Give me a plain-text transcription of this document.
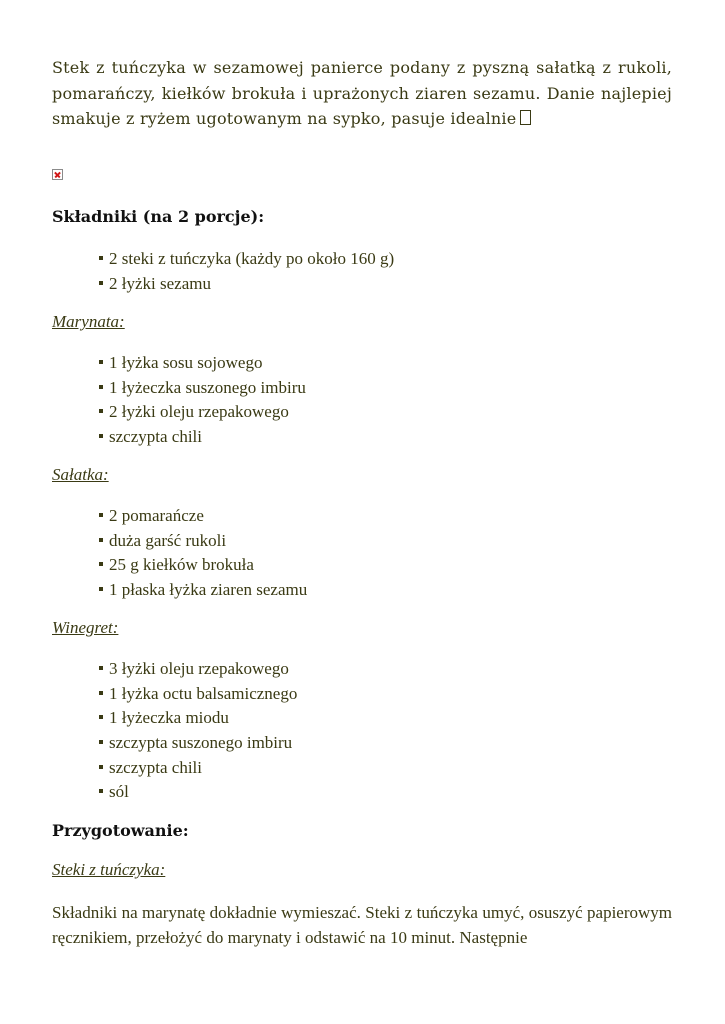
Stek z tuńczyka w sezamowej panierce podany z pyszną sałatką z rukoli, pomarańczy, kiełków brokuła i uprażonych ziaren sezamu. Danie najlepiej smakuje z ryżem ugotowanym na sypko, pasuje idealnie

Składniki (na 2 porcje):
2 steki z tuńczyka (każdy po około 160 g)
2 łyżki sezamu

Marynata:

1 łyżka sosu sojowego
1 łyżeczka suszonego imbiru
2 łyżki oleju rzepakowego
szczypta chili

Sałatka:

2 pomarańcze
duża garść rukoli
25 g kiełków brokuła
1 płaska łyżka ziaren sezamu

Winegret:

3 łyżki oleju rzepakowego
1 łyżka octu balsamicznego
1 łyżeczka miodu
szczypta suszonego imbiru
szczypta chili
sól
Przygotowanie:

Steki z tuńczyka:

Składniki na marynatę dokładnie wymieszać. Steki z tuńczyka umyć, osuszyć papierowym ręcznikiem, przełożyć do marynaty i odstawić na 10 minut. Następnie
